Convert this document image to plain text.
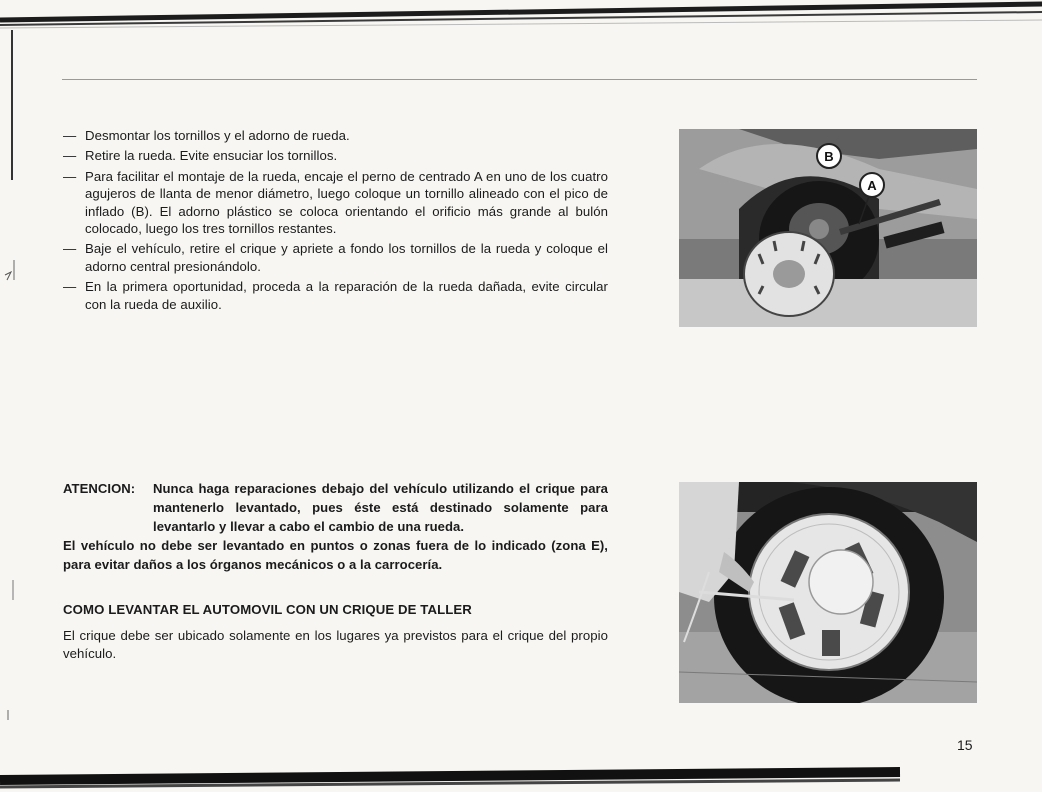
— Desmontar los tornillos y el adorno de rueda.
— Retire la rueda. Evite ensuciar los tornillos.
— Para facilitar el montaje de la rueda, encaje el perno de centrado A en uno de los cuatro agujeros de llanta de menor diámetro, luego coloque un tornillo alineado con el pico de inflado (B). El adorno plástico se coloca orientando el orificio más grande al bulón colocado, luego los tres tornillos restantes.
— Baje el vehículo, retire el crique y apriete a fondo los tornillos de la rueda y coloque el adorno central presionándolo.
— En la primera oportunidad, proceda a la reparación de la rueda dañada, evite circular con la rueda de auxilio.
B
A
ATENCION:	Nunca haga reparaciones debajo del vehículo utilizando el crique para mantenerlo levantado, pues éste está destinado solamente para levantarlo y llevar a cabo el cambio de una rueda.
El vehículo no debe ser levantado en puntos o zonas fuera de lo indicado (zona E), para evitar daños a los órganos mecánicos o a la carrocería.
COMO LEVANTAR EL AUTOMOVIL CON UN CRIQUE DE TALLER
El crique debe ser ubicado solamente en los lugares ya previstos para el crique del propio vehículo.
15
